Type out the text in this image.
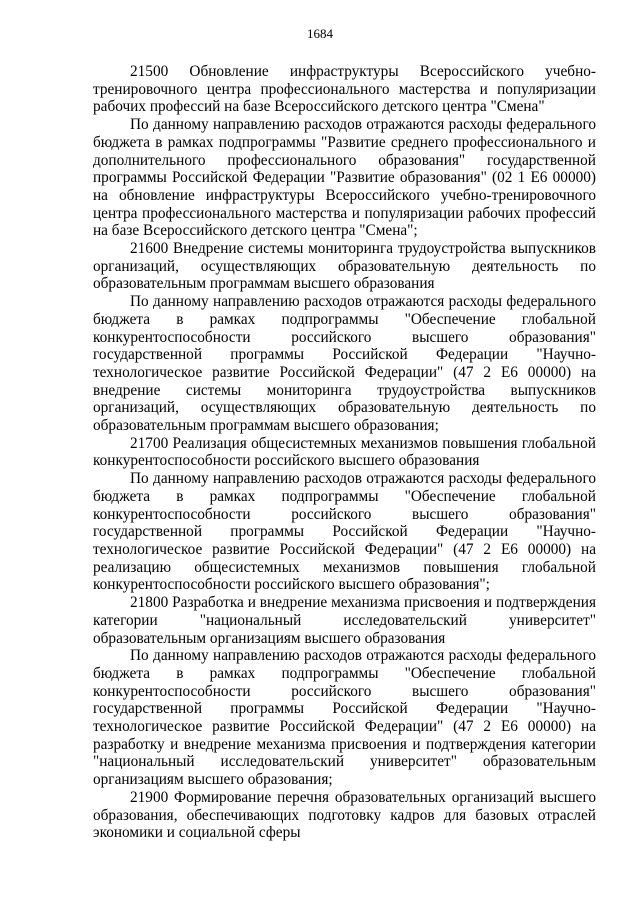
1684

21500 Обновление инфраструктуры Всероссийского учебно-тренировочного центра профессионального мастерства и популяризации рабочих профессий на базе Всероссийского детского центра "Смена"

По данному направлению расходов отражаются расходы федерального бюджета в рамках подпрограммы "Развитие среднего профессионального и дополнительного профессионального образования" государственной программы Российской Федерации "Развитие образования" (02 1 Е6 00000) на обновление инфраструктуры Всероссийского учебно-тренировочного центра профессионального мастерства и популяризации рабочих профессий на базе Всероссийского детского центра "Смена";

21600 Внедрение системы мониторинга трудоустройства выпускников организаций, осуществляющих образовательную деятельность по образовательным программам высшего образования

По данному направлению расходов отражаются расходы федерального бюджета в рамках подпрограммы "Обеспечение глобальной конкурентоспособности российского высшего образования" государственной программы Российской Федерации "Научно-технологическое развитие Российской Федерации" (47 2 Е6 00000) на внедрение системы мониторинга трудоустройства выпускников организаций, осуществляющих образовательную деятельность по образовательным программам высшего образования;

21700 Реализация общесистемных механизмов повышения глобальной конкурентоспособности российского высшего образования

По данному направлению расходов отражаются расходы федерального бюджета в рамках подпрограммы "Обеспечение глобальной конкурентоспособности российского высшего образования" государственной программы Российской Федерации "Научно-технологическое развитие Российской Федерации" (47 2 Е6 00000) на реализацию общесистемных механизмов повышения глобальной конкурентоспособности российского высшего образования";

21800 Разработка и внедрение механизма присвоения и подтверждения категории "национальный исследовательский университет" образовательным организациям высшего образования

По данному направлению расходов отражаются расходы федерального бюджета в рамках подпрограммы "Обеспечение глобальной конкурентоспособности российского высшего образования" государственной программы Российской Федерации "Научно-технологическое развитие Российской Федерации" (47 2 Е6 00000) на разработку и внедрение механизма присвоения и подтверждения категории "национальный исследовательский университет" образовательным организациям высшего образования;

21900 Формирование перечня образовательных организаций высшего образования, обеспечивающих подготовку кадров для базовых отраслей экономики и социальной сферы
